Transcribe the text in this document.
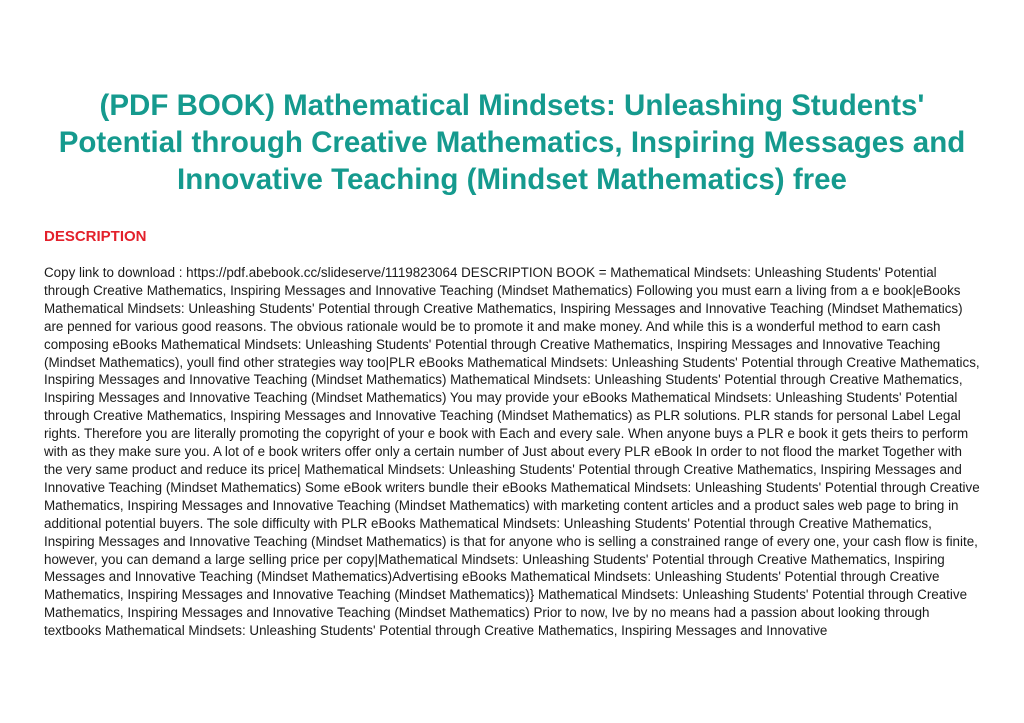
(PDF BOOK) Mathematical Mindsets: Unleashing Students' Potential through Creative Mathematics, Inspiring Messages and Innovative Teaching (Mindset Mathematics) free
DESCRIPTION

Copy link to download : https://pdf.abebook.cc/slideserve/1119823064 DESCRIPTION BOOK = Mathematical Mindsets: Unleashing Students' Potential through Creative Mathematics, Inspiring Messages and Innovative Teaching (Mindset Mathematics) Following you must earn a living from a e book|eBooks Mathematical Mindsets: Unleashing Students' Potential through Creative Mathematics, Inspiring Messages and Innovative Teaching (Mindset Mathematics) are penned for various good reasons. The obvious rationale would be to promote it and make money. And while this is a wonderful method to earn cash composing eBooks Mathematical Mindsets: Unleashing Students' Potential through Creative Mathematics, Inspiring Messages and Innovative Teaching (Mindset Mathematics), youll find other strategies way too|PLR eBooks Mathematical Mindsets: Unleashing Students' Potential through Creative Mathematics, Inspiring Messages and Innovative Teaching (Mindset Mathematics) Mathematical Mindsets: Unleashing Students' Potential through Creative Mathematics, Inspiring Messages and Innovative Teaching (Mindset Mathematics) You may provide your eBooks Mathematical Mindsets: Unleashing Students' Potential through Creative Mathematics, Inspiring Messages and Innovative Teaching (Mindset Mathematics) as PLR solutions. PLR stands for personal Label Legal rights. Therefore you are literally promoting the copyright of your e book with Each and every sale. When anyone buys a PLR e book it gets theirs to perform with as they make sure you. A lot of e book writers offer only a certain number of Just about every PLR eBook In order to not flood the market Together with the very same product and reduce its price| Mathematical Mindsets: Unleashing Students' Potential through Creative Mathematics, Inspiring Messages and Innovative Teaching (Mindset Mathematics) Some eBook writers bundle their eBooks Mathematical Mindsets: Unleashing Students' Potential through Creative Mathematics, Inspiring Messages and Innovative Teaching (Mindset Mathematics) with marketing content articles and a product sales web page to bring in additional potential buyers. The sole difficulty with PLR eBooks Mathematical Mindsets: Unleashing Students' Potential through Creative Mathematics, Inspiring Messages and Innovative Teaching (Mindset Mathematics) is that for anyone who is selling a constrained range of every one, your cash flow is finite, however, you can demand a large selling price per copy|Mathematical Mindsets: Unleashing Students' Potential through Creative Mathematics, Inspiring Messages and Innovative Teaching (Mindset Mathematics)Advertising eBooks Mathematical Mindsets: Unleashing Students' Potential through Creative Mathematics, Inspiring Messages and Innovative Teaching (Mindset Mathematics)} Mathematical Mindsets: Unleashing Students' Potential through Creative Mathematics, Inspiring Messages and Innovative Teaching (Mindset Mathematics) Prior to now, Ive by no means had a passion about looking through textbooks Mathematical Mindsets: Unleashing Students' Potential through Creative Mathematics, Inspiring Messages and Innovative
